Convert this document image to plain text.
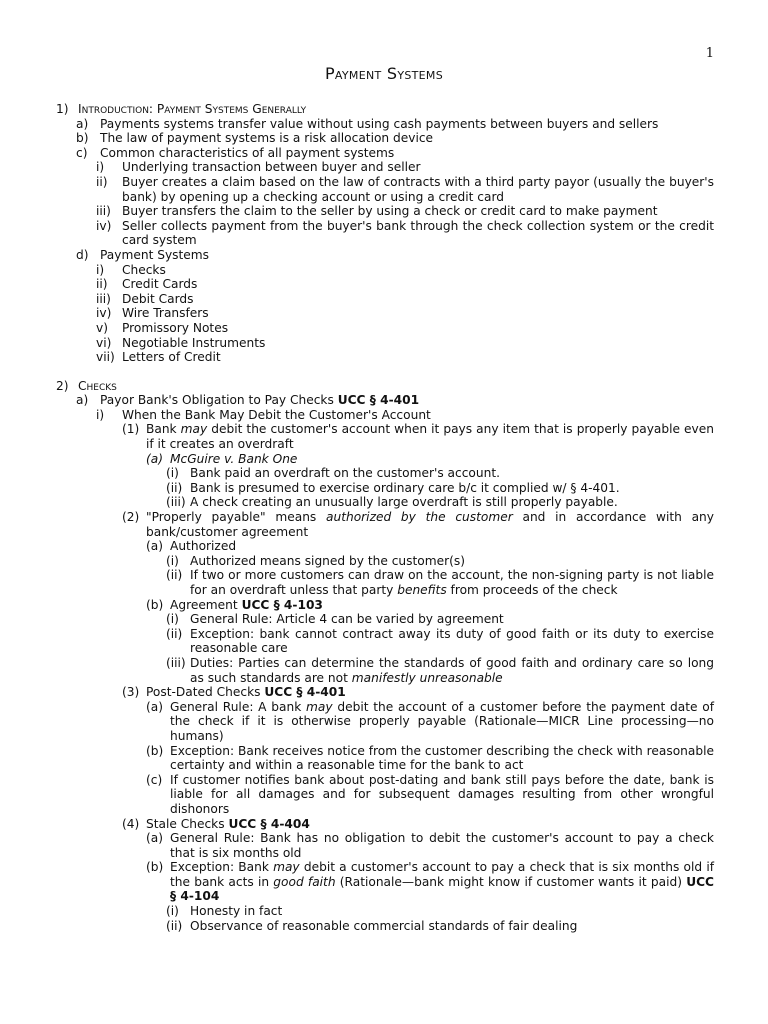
1
Payment Systems
1) Introduction: Payment Systems Generally
a) Payments systems transfer value without using cash payments between buyers and sellers
b) The law of payment systems is a risk allocation device
c)	Common characteristics of all payment systems
i)	Underlying transaction between buyer and seller
ii)	Buyer creates a claim based on the law of contracts with a third party payor (usually the buyer's bank) by opening up a checking account or using a credit card
iii) Buyer transfers the claim to the seller by using a check or credit card to make payment
iv) Seller collects payment from the buyer's bank through the check collection system or the credit card system
d) Payment Systems
i)	Checks
ii)	Credit Cards
iii) Debit Cards
iv) Wire Transfers
v)	Promissory Notes
vi) Negotiable Instruments
vii) Letters of Credit
2) Checks
a) Payor Bank's Obligation to Pay Checks UCC § 4-401
i)	When the Bank May Debit the Customer's Account
(1) Bank may debit the customer's account when it pays any item that is properly payable even if it creates an overdraft
(a) McGuire v. Bank One
(i) Bank paid an overdraft on the customer's account.
(ii) Bank is presumed to exercise ordinary care b/c it complied w/ § 4-401.
(iii) A check creating an unusually large overdraft is still properly payable.
(2) "Properly payable" means authorized by the customer and in accordance with any bank/customer agreement
(a) Authorized
(i) Authorized means signed by the customer(s)
(ii) If two or more customers can draw on the account, the non-signing party is not liable for an overdraft unless that party benefits from proceeds of the check
(b) Agreement UCC § 4-103
(i) General Rule: Article 4 can be varied by agreement
(ii) Exception: bank cannot contract away its duty of good faith or its duty to exercise reasonable care
(iii) Duties: Parties can determine the standards of good faith and ordinary care so long as such standards are not manifestly unreasonable
(3) Post-Dated Checks UCC § 4-401
(a) General Rule: A bank may debit the account of a customer before the payment date of the check if it is otherwise properly payable (Rationale—MICR Line processing—no humans)
(b) Exception: Bank receives notice from the customer describing the check with reasonable certainty and within a reasonable time for the bank to act
(c) If customer notifies bank about post-dating and bank still pays before the date, bank is liable for all damages and for subsequent damages resulting from other wrongful dishonors
(4) Stale Checks UCC § 4-404
(a) General Rule: Bank has no obligation to debit the customer's account to pay a check that is six months old
(b) Exception: Bank may debit a customer's account to pay a check that is six months old if the bank acts in good faith (Rationale—bank might know if customer wants it paid) UCC § 4-104
(i) Honesty in fact
(ii) Observance of reasonable commercial standards of fair dealing
